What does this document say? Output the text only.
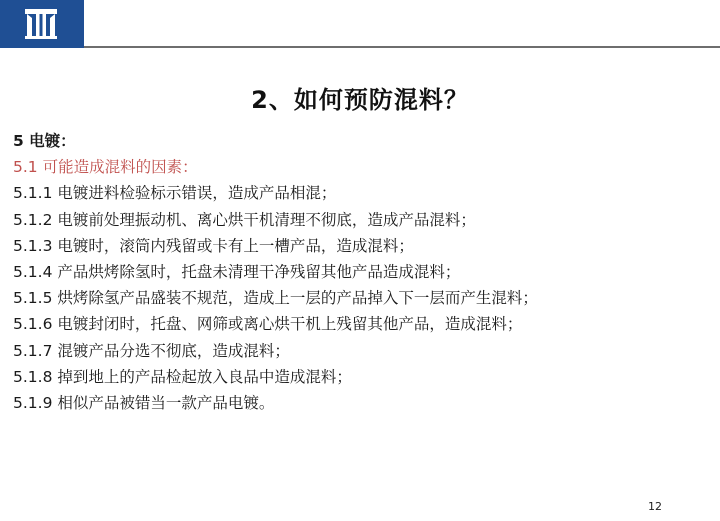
2、如何预防混料？
5 电镀：
5.1 可能造成混料的因素：
5.1.1 电镀进料检验标示错误，造成产品相混；
5.1.2 电镀前处理振动机、离心烘干机清理不彻底，造成产品混料；
5.1.3 电镀时，滚筒内残留或卡有上一槽产品，造成混料；
5.1.4 产品烘烤除氢时，托盘未清理干净残留其他产品造成混料；
5.1.5 烘烤除氢产品盛装不规范，造成上一层的产品掉入下一层而产生混料；
5.1.6 电镀封闭时，托盘、网筛或离心烘干机上残留其他产品，造成混料；
5.1.7 混镀产品分选不彻底，造成混料；
5.1.8 掉到地上的产品检起放入良品中造成混料；
5.1.9 相似产品被错当一款产品电镀。
12
